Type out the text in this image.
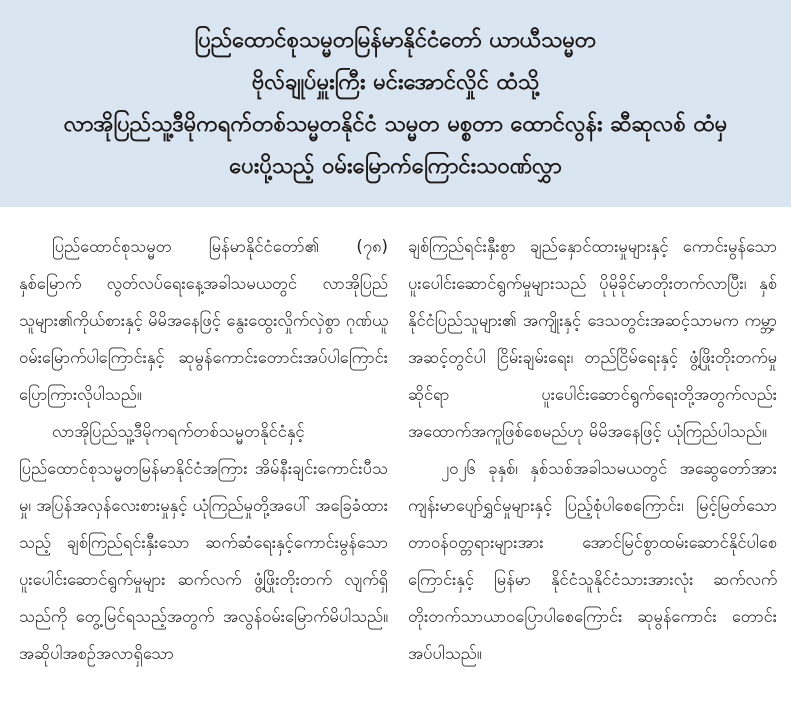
ပြည်ထောင်စုသမ္မတမြန်မာနိုင်ငံတော် ယာယီသမ္မတ
ဗိုလ်ချုပ်မှူးကြီး မင်းအောင်လှိုင် ထံသို့
လာအိုပြည်သူ့ဒီမိုကရက်တစ်သမ္မတနိုင်ငံ သမ္မတ မစ္စတာ ထောင်လွန်း ဆီဆုလစ် ထံမှ
ပေးပို့သည့် ဝမ်းမြောက်ကြောင်းသဝဏ်လွှာ

ပြည်ထောင်စုသမ္မတ မြန်မာနိုင်ငံတော်၏ (၇၈) နှစ်မြောက် လွတ်လပ်ရေးနေ့အခါသမယတွင် လာအိုပြည်သူများ၏ကိုယ်စားနှင့် မိမိအနေဖြင့် နွေးထွေးလှိုက်လှဲစွာ ဂုဏ်ယူဝမ်းမြောက်ပါကြောင်းနှင့် ဆုမွန်ကောင်းတောင်းအပ်ပါကြောင်း ပြောကြားလိုပါသည်။

လာအိုပြည်သူ့ဒီမိုကရက်တစ်သမ္မတနိုင်ငံနှင့် ပြည်ထောင်စုသမ္မတမြန်မာနိုင်ငံအကြား အိမ်နီးချင်းကောင်းပီသမှု၊ အပြန်အလှန်လေးစားမှုနှင့် ယုံကြည်မှုတို့အပေါ် အခြေခံထားသည့် ချစ်ကြည်ရင်းနှီးသော ဆက်ဆံရေးနှင့်ကောင်းမွန်သော ပူးပေါင်းဆောင်ရွက်မှုများ ဆက်လက် ဖွံ့ဖြိုးတိုးတက် လျက်ရှိသည်ကို တွေ့မြင်ရသည့်အတွက် အလွန်ဝမ်းမြောက်မိပါသည်။ အဆိုပါအစဉ်အလာရှိသော

ချစ်ကြည်ရင်းနှီးစွာ ချည်နှောင်ထားမှုများနှင့် ကောင်းမွန်သော ပူးပေါင်းဆောင်ရွက်မှုများသည် ပိုမိုခိုင်မာတိုးတက်လာပြီး၊ နှစ်နိုင်ငံပြည်သူများ၏ အကျိုးနှင့် ဒေသတွင်းအဆင့်သာမက ကမ္ဘာ့အဆင့်တွင်ပါ ငြိမ်းချမ်းရေး၊ တည်ငြိမ်ရေးနှင့် ဖွံ့ဖြိုးတိုးတက်မှုဆိုင်ရာ ပူးပေါင်းဆောင်ရွက်ရေးတို့အတွက်လည်း အထောက်အကူဖြစ်စေမည်ဟု မိမိအနေဖြင့် ယုံကြည်ပါသည်။

၂၀၂၆ ခုနှစ်၊ နှစ်သစ်အခါသမယတွင် အဆွေတော်အား ကျန်းမာပျော်ရွှင်မှုများနှင့် ပြည့်စုံပါစေကြောင်း၊ မြင့်မြတ်သော တာဝန်ဝတ္တရားများအား အောင်မြင်စွာထမ်းဆောင်နိုင်ပါစေကြောင်းနှင့် မြန်မာ နိုင်ငံသူနိုင်ငံသားအားလုံး ဆက်လက်တိုးတက်သာယာဝပြောပါစေကြောင်း ဆုမွန်ကောင်း တောင်းအပ်ပါသည်။
